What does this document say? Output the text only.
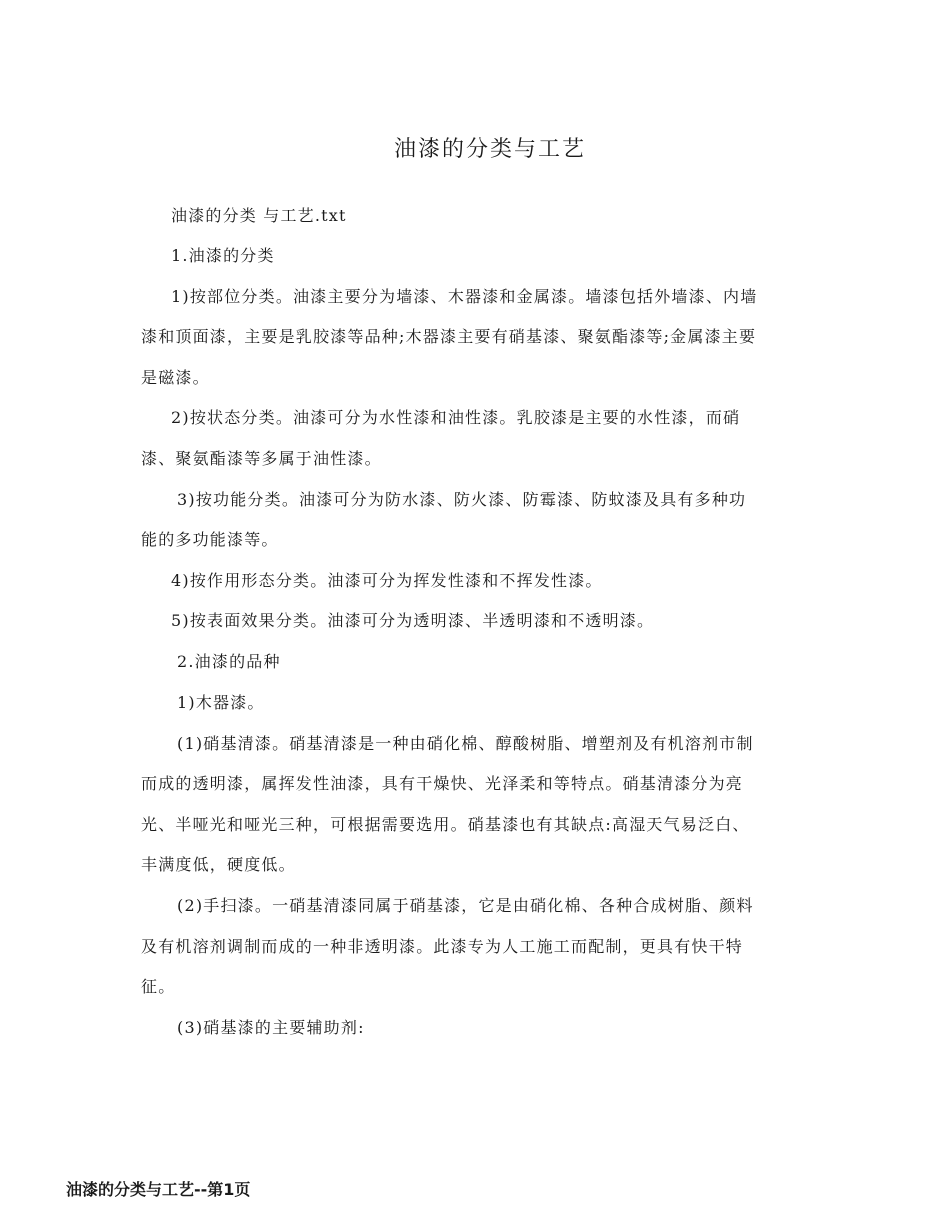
油漆的分类与工艺
油漆的分类 与工艺.txt
1.油漆的分类
1)按部位分类。油漆主要分为墙漆、木器漆和金属漆。墙漆包括外墙漆、内墙
漆和顶面漆，主要是乳胶漆等品种;木器漆主要有硝基漆、聚氨酯漆等;金属漆主要
是磁漆。
2)按状态分类。油漆可分为水性漆和油性漆。乳胶漆是主要的水性漆，而硝
漆、聚氨酯漆等多属于油性漆。
3)按功能分类。油漆可分为防水漆、防火漆、防霉漆、防蚊漆及具有多种功
能的多功能漆等。
4)按作用形态分类。油漆可分为挥发性漆和不挥发性漆。
5)按表面效果分类。油漆可分为透明漆、半透明漆和不透明漆。
2.油漆的品种
1)木器漆。
(1)硝基清漆。硝基清漆是一种由硝化棉、醇酸树脂、增塑剂及有机溶剂市制
而成的透明漆，属挥发性油漆，具有干燥快、光泽柔和等特点。硝基清漆分为亮
光、半哑光和哑光三种，可根据需要选用。硝基漆也有其缺点:高湿天气易泛白、
丰满度低，硬度低。
(2)手扫漆。一硝基清漆同属于硝基漆，它是由硝化棉、各种合成树脂、颜料
及有机溶剂调制而成的一种非透明漆。此漆专为人工施工而配制，更具有快干特
征。
(3)硝基漆的主要辅助剂:
油漆的分类与工艺--第1页
